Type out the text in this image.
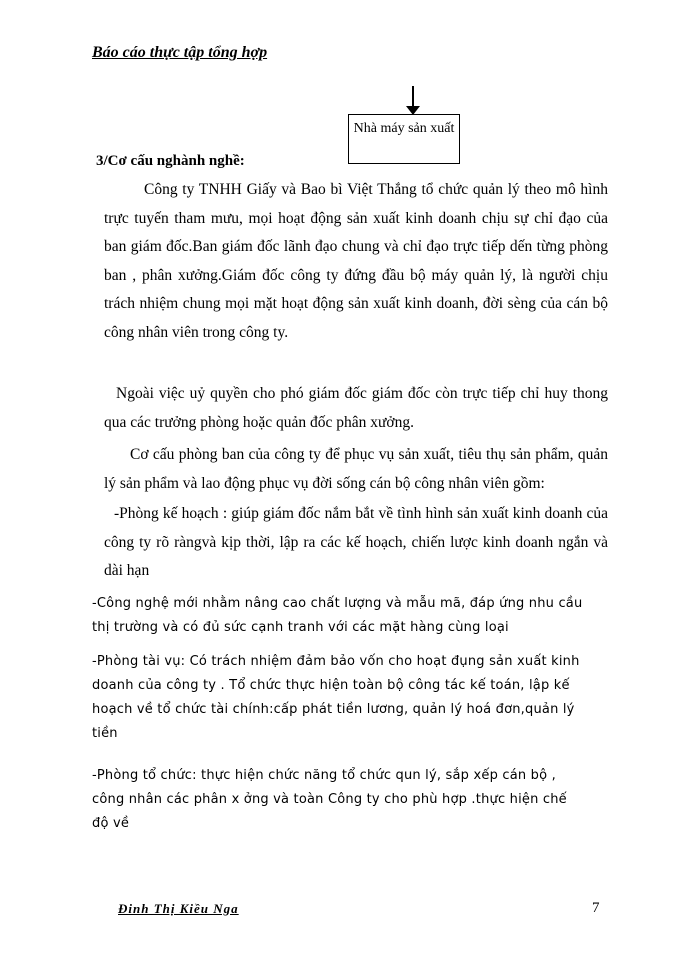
Báo cáo thực tập tổng hợp
Nhà máy sản xuất
3/Cơ cấu nghành nghề:
Công ty TNHH Giấy và Bao bì Việt Thắng tổ chức quản lý theo mô hình trực tuyến tham mưu, mọi hoạt động sản xuất kinh doanh chịu sự chỉ đạo của ban giám đốc.Ban giám đốc lãnh đạo chung và chỉ đạo trực tiếp dến từng phòng ban , phân xưởng.Giám đốc công ty đứng đầu bộ máy quản lý, là người chịu trách nhiệm chung mọi mặt hoạt động sản xuất kinh doanh, đời sèng của cán bộ công nhân viên trong công ty.
Ngoài việc uỷ quyền cho phó giám đốc giám đốc còn trực tiếp chỉ huy thong qua các trưởng phòng hoặc quản đốc phân xưởng.
Cơ cấu phòng ban của công ty để phục vụ sản xuất, tiêu thụ sản phẩm, quản lý sản phẩm và lao động phục vụ đời sống cán bộ công nhân viên gồm:
-Phòng kế hoạch : giúp giám đốc nắm bắt về tình hình sản xuất kinh doanh của công ty rõ ràngvà kịp thời, lập ra các kế hoạch, chiến lược kinh doanh ngắn và dài hạn
-Công nghệ mới nhằm nâng cao chất lượng và mẫu mã, đáp ứng nhu cầu thị trường và có đủ sức cạnh tranh với các mặt hàng cùng loại
-Phòng tài vụ: Có trách nhiệm đảm bảo vốn cho hoạt đụng sản xuất kinh doanh của công ty . Tổ chức thực hiện toàn bộ công tác kế toán, lập kế hoạch về tổ chức tài chính:cấp phát tiền lương, quản lý hoá đơn,quản lý tiền
-Phòng tổ chức: thực hiện chức năng tổ chức qun lý, sắp xếp cán bộ , công nhân các phân x ởng và toàn Công ty cho phù hợp .thực hiện chế độ về
Đinh Thị Kiều Nga	7
